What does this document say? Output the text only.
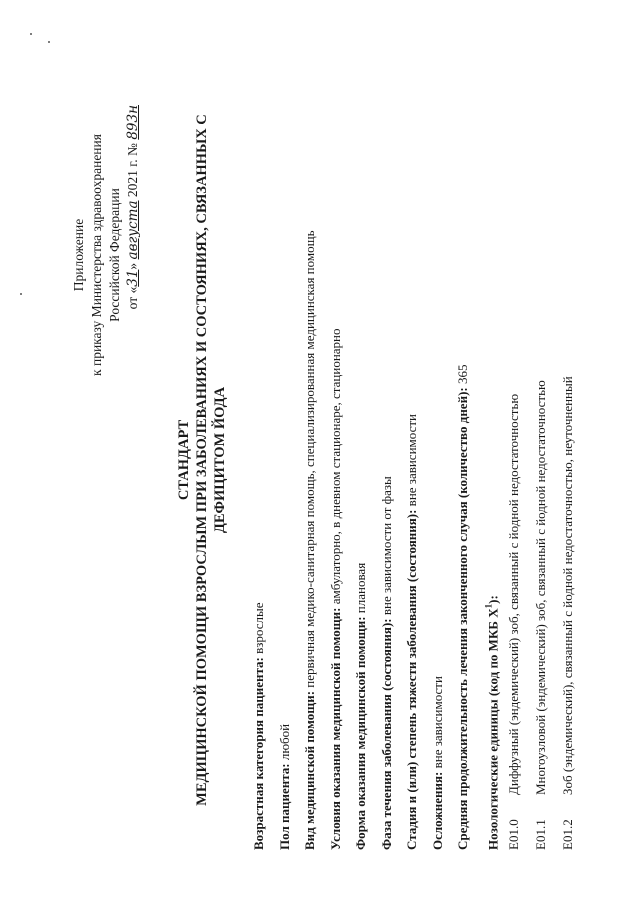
Приложение к приказу Министерства здравоохранения Российской Федерации от «31» августа 2021 г. № 893н
СТАНДАРТ МЕДИЦИНСКОЙ ПОМОЩИ ВЗРОСЛЫМ ПРИ ЗАБОЛЕВАНИЯХ И СОСТОЯНИЯХ, СВЯЗАННЫХ С ДЕФИЦИТОМ ЙОДА
Возрастная категория пациента: взрослые
Пол пациента: любой Вид медицинской помощи: первичная медико-санитарная помощь, специализированная медицинская помощь
Условия оказания медицинской помощи: амбулаторно, в дневном стационаре, стационарно
Форма оказания медицинской помощи: плановая
Фаза течения заболевания (состояния): вне зависимости от фазы Стадия и (или) степень тяжести заболевания (состояния): вне зависимости
Осложнения: вне зависимости Средняя продолжительность лечения законченного случая (количество дней): 365
Нозологические единицы (код по МКБ $X^1$):
E01.0
Диффузный (эндемический) зоб, связанный с йодной недостаточностью
E01.1
Многоузловой (эндемический) зоб, связанный с йодной недостаточностью
E01.2
Зоб (эндемический), связанный с йодной недостаточностью, неуточненный
